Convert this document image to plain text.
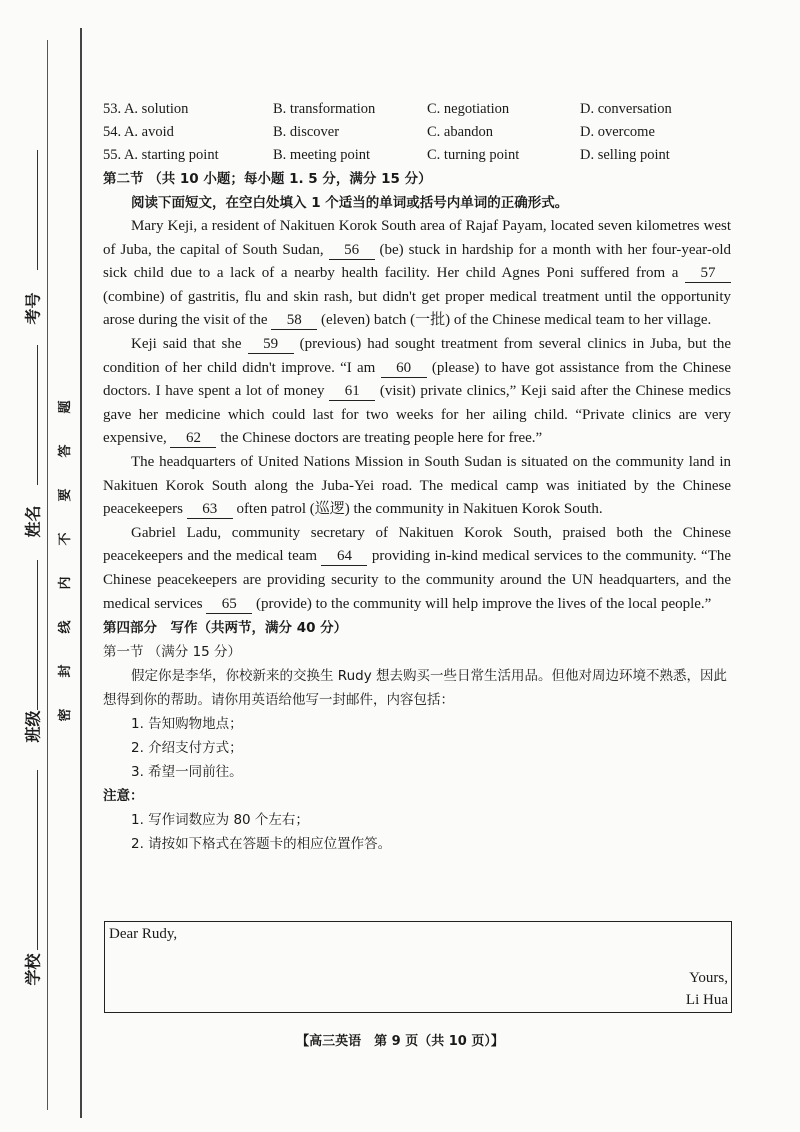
考号
姓名
班级
学校
题
答
要
不
内
线
封
密
53. A. solution	B. transformation	C. negotiation	D. conversation
54. A. avoid	B. discover	C. abandon	D. overcome
55. A. starting point	B. meeting point	C. turning point	D. selling point
第二节 （共 10 小题；每小题 1. 5 分，满分 15 分）
阅读下面短文，在空白处填入 1 个适当的单词或括号内单词的正确形式。

Mary Keji, a resident of Nakituen Korok South area of Rajaf Payam, located seven kilometres west of Juba, the capital of South Sudan, 56 (be) stuck in hardship for a month with her four-year-old sick child due to a lack of a nearby health facility. Her child Agnes Poni suffered from a 57 (combine) of gastritis, flu and skin rash, but didn't get proper medical treatment until the opportunity arose during the visit of the 58 (eleven) batch (一批) of the Chinese medical team to her village.

Keji said that she 59 (previous) had sought treatment from several clinics in Juba, but the condition of her child didn't improve. “I am 60 (please) to have got assistance from the Chinese doctors. I have spent a lot of money 61 (visit) private clinics,” Keji said after the Chinese medics gave her medicine which could last for two weeks for her ailing child. “Private clinics are very expensive, 62 the Chinese doctors are treating people here for free.”

The headquarters of United Nations Mission in South Sudan is situated on the community land in Nakituen Korok South along the Juba-Yei road. The medical camp was initiated by the Chinese peacekeepers 63 often patrol (巡逻) the community in Nakituen Korok South.

Gabriel Ladu, community secretary of Nakituen Korok South, praised both the Chinese peacekeepers and the medical team 64 providing in-kind medical services to the community. “The Chinese peacekeepers are providing security to the community around the UN headquarters, and the medical services 65 (provide) to the community will help improve the lives of the local people.”

第四部分　写作（共两节，满分 40 分）
第一节 （满分 15 分）
假定你是李华，你校新来的交换生 Rudy 想去购买一些日常生活用品。但他对周边环境不熟悉，因此想得到你的帮助。请你用英语给他写一封邮件，内容包括：
1. 告知购物地点；
2. 介绍支付方式；
3. 希望一同前往。
注意：
1. 写作词数应为 80 个左右；
2. 请按如下格式在答题卡的相应位置作答。
Dear Rudy,
Yours,
Li Hua
【高三英语　第 9 页（共 10 页）】
